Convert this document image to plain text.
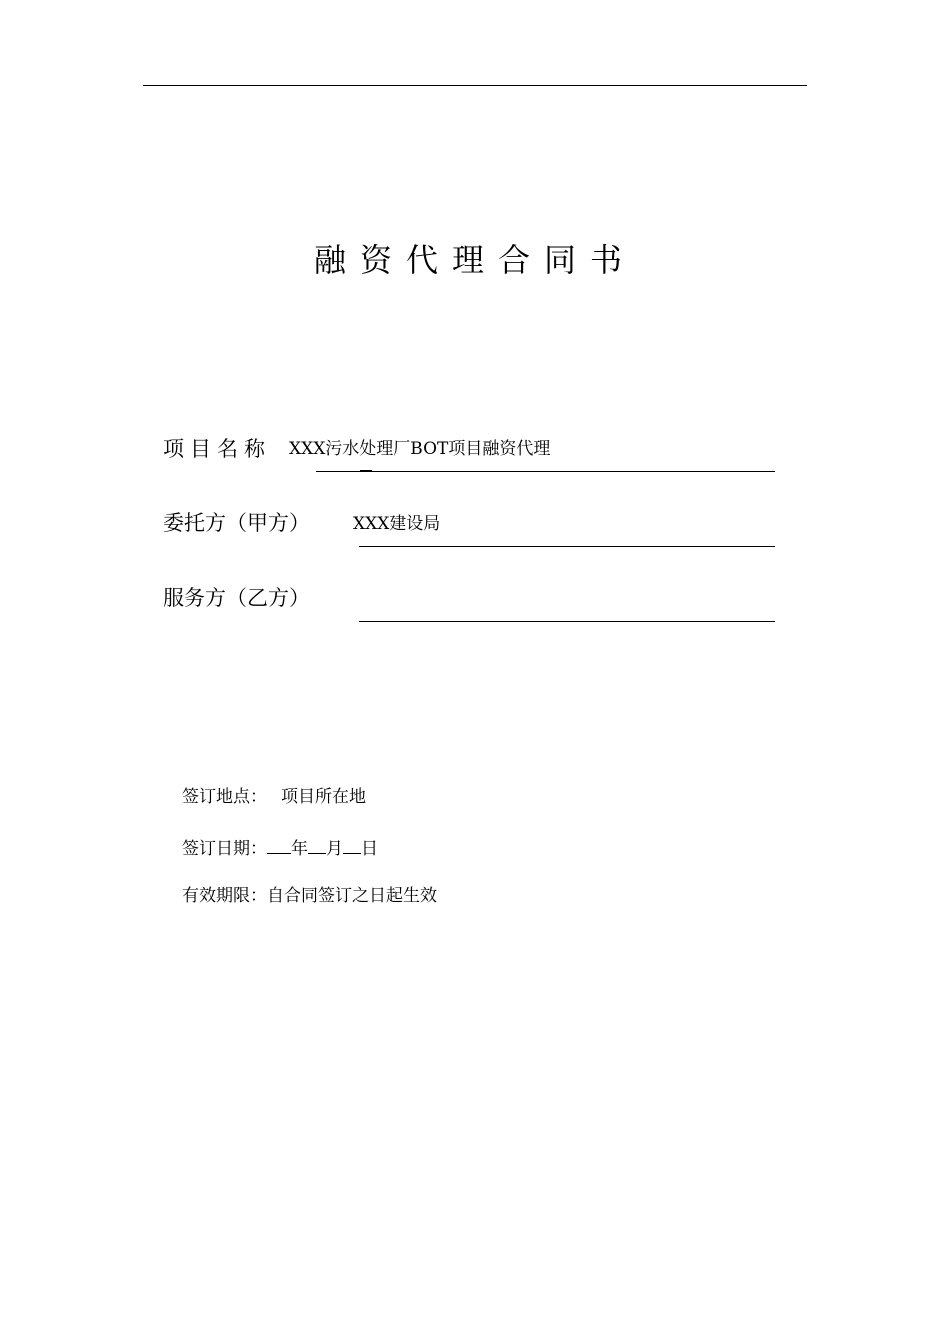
融资代理合同书
项目名称 XXX污水处理厂BOT项目融资代理
委托方（甲方）	XXX建设局
服务方（乙方）
签订地点： 项目所在地
签订日期： 年 月 日
有效期限：自合同签订之日起生效
